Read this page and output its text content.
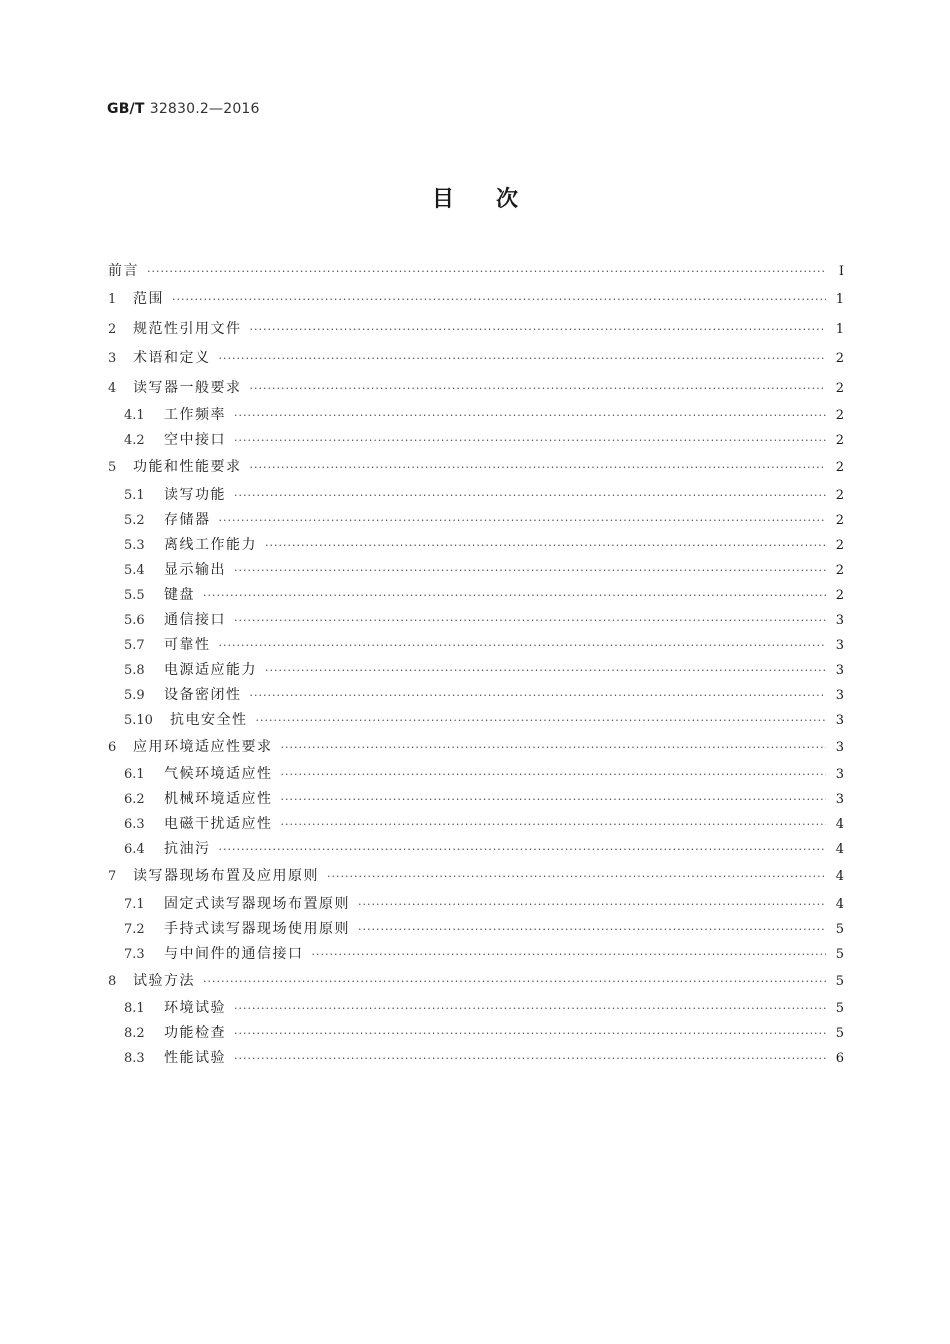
GB/T 32830.2—2016
目次
前言 ·····	Ⅰ
1	范围 ·····	1
2	规范性引用文件 ·····	1
3	术语和定义 ·····	2
4	读写器一般要求 ·····	2
4.1	工作频率 ·····	2
4.2	空中接口 ·····	2
5	功能和性能要求 ·····	2
5.1	读写功能 ·····	2
5.2	存储器 ·····	2
5.3	离线工作能力 ·····	2
5.4	显示输出 ·····	2
5.5	键盘 ·····	2
5.6	通信接口 ·····	3
5.7	可靠性 ·····	3
5.8	电源适应能力 ·····	3
5.9	设备密闭性 ·····	3
5.10	抗电安全性 ·····	3
6	应用环境适应性要求 ·····	3
6.1	气候环境适应性 ·····	3
6.2	机械环境适应性 ·····	3
6.3	电磁干扰适应性 ·····	4
6.4	抗油污 ·····	4
7	读写器现场布置及应用原则 ·····	4
7.1	固定式读写器现场布置原则 ·····	4
7.2	手持式读写器现场使用原则 ·····	5
7.3	与中间件的通信接口 ·····	5
8	试验方法 ·····	5
8.1	环境试验 ·····	5
8.2	功能检查 ·····	5
8.3	性能试验 ·····	6
